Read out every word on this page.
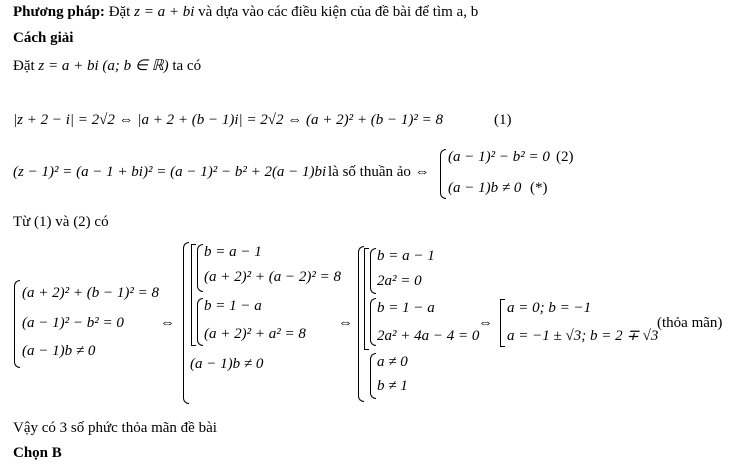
Phương pháp: Đặt z = a + bi và dựa vào các điều kiện của đề bài để tìm a, b
Cách giải
Đặt z = a + bi (a; b ∈ ℝ) ta có
|z + 2 − i| = 2√2 ⇔ |a + 2 + (b − 1)i| = 2√2 ⇔ (a + 2)² + (b − 1)² = 8	(1)
(z − 1)² = (a − 1 + bi)² = (a − 1)² − b² + 2(a − 1)bi là số thuần ảo ⇔
(a − 1)² − b² = 0 (2)
(a − 1)b ≠ 0 (*)
Từ (1) và (2) có
(a + 2)² + (b − 1)² = 8
(a − 1)² − b² = 0
(a − 1)b ≠ 0
⇔
b = a − 1
(a + 2)² + (a − 2)² = 8
b = 1 − a
(a + 2)² + a² = 8
(a − 1)b ≠ 0
⇔
b = a − 1
2a² = 0
b = 1 − a
2a² + 4a − 4 = 0
a ≠ 0
b ≠ 1
⇔
a = 0; b = −1
a = −1 ± √3; b = 2 ∓ √3
(thỏa mãn)
Vậy có 3 số phức thỏa mãn đề bài
Chọn B
